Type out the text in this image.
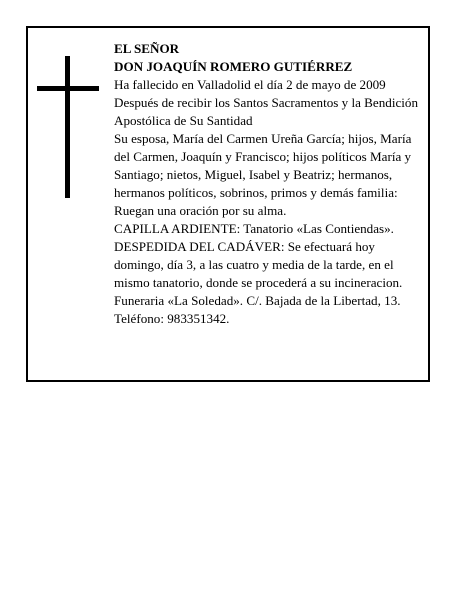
EL SEÑOR

DON JOAQUÍN ROMERO GUTIÉRREZ

Ha fallecido en Valladolid el día 2 de mayo de 2009

Después de recibir los Santos Sacramentos y la Bendición Apostólica de Su Santidad

Su esposa, María del Carmen Ureña García; hijos, María del Carmen, Joaquín y Francisco; hijos políticos María y Santiago; nietos, Miguel, Isabel y Beatriz; hermanos, hermanos políticos, sobrinos, primos y demás familia:

Ruegan una oración por su alma.

CAPILLA ARDIENTE: Tanatorio «Las Contiendas».

DESPEDIDA DEL CADÁVER: Se efectuará hoy domingo, día 3, a las cuatro y media de la tarde, en el mismo tanatorio, donde se procederá a su incineracion.

Funeraria «La Soledad». C/. Bajada de la Libertad, 13. Teléfono: 983351342.
